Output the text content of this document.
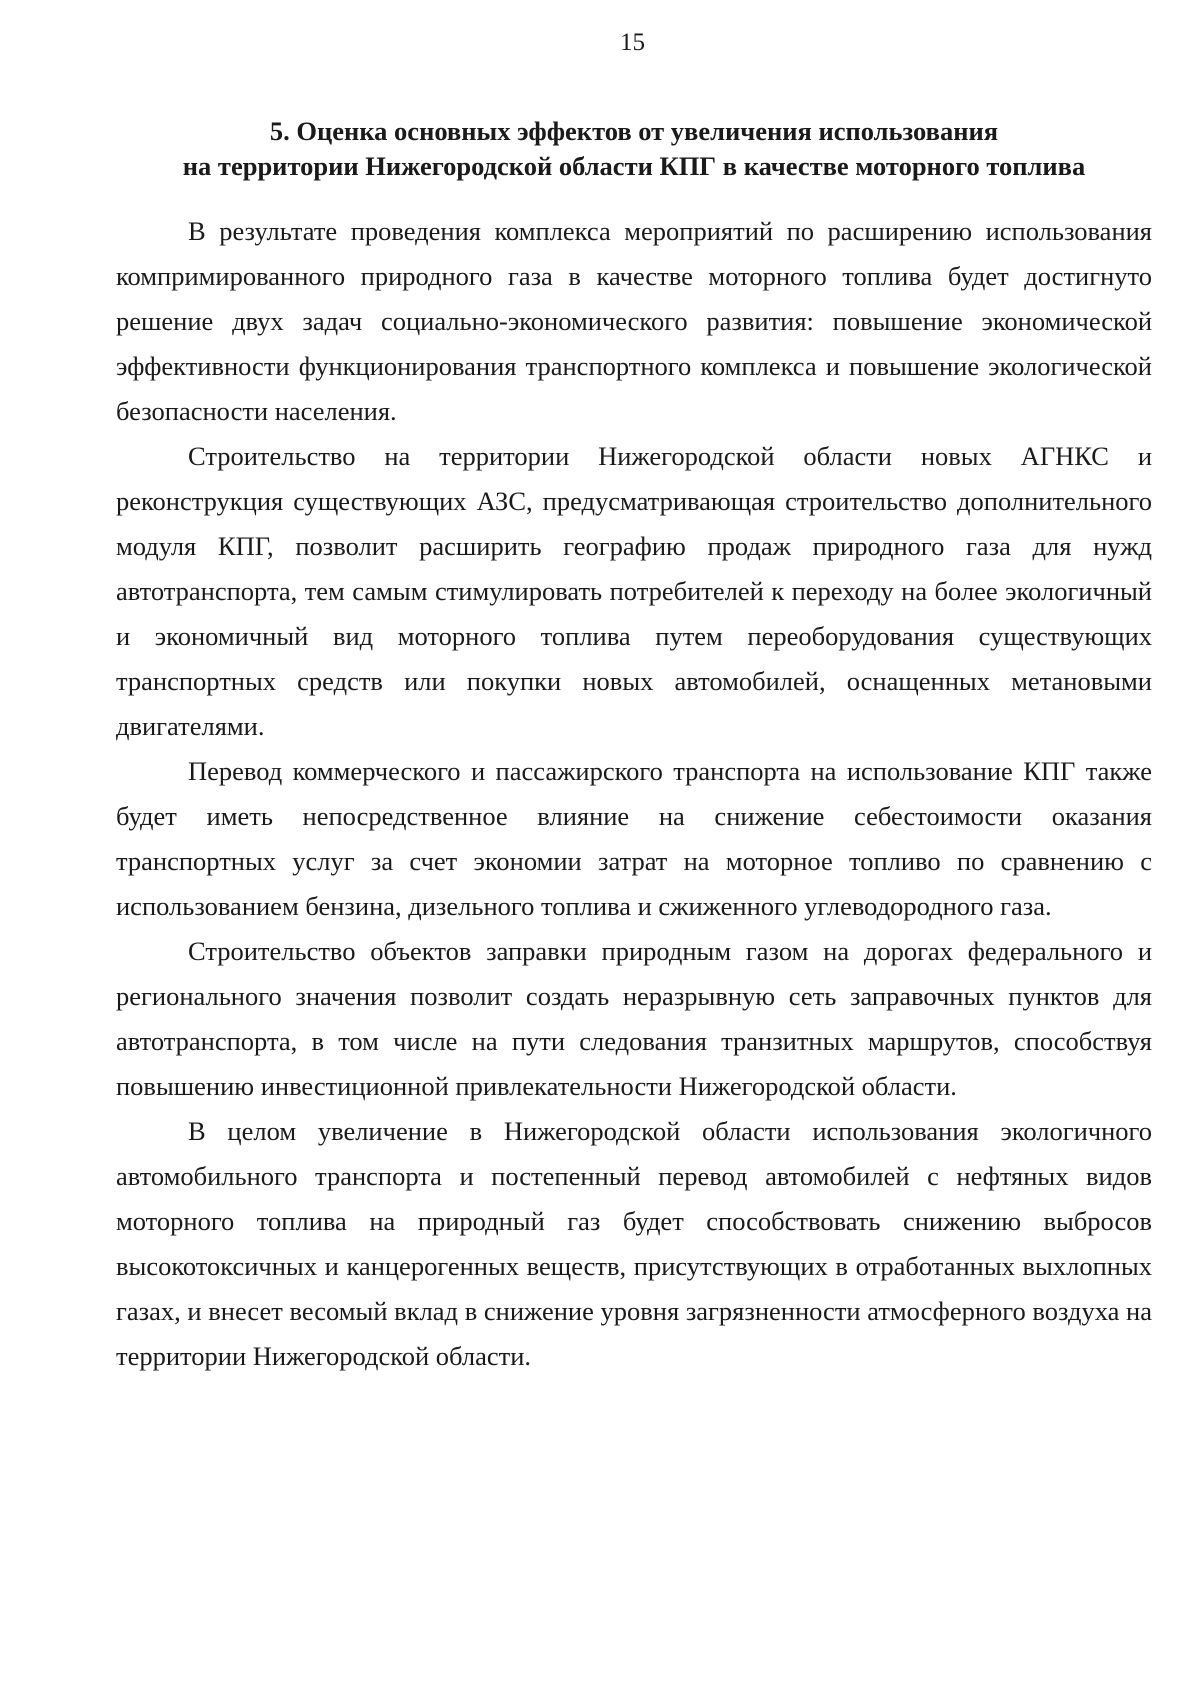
15
5. Оценка основных эффектов от увеличения использования
на территории Нижегородской области КПГ в качестве моторного топлива

В результате проведения комплекса мероприятий по расширению использования компримированного природного газа в качестве моторного топлива будет достигнуто решение двух задач социально-экономического развития: повышение экономической эффективности функционирования транспортного комплекса и повышение экологической безопасности населения.

Строительство на территории Нижегородской области новых АГНКС и реконструкция существующих АЗС, предусматривающая строительство дополнительного модуля КПГ, позволит расширить географию продаж природного газа для нужд автотранспорта, тем самым стимулировать потребителей к переходу на более экологичный и экономичный вид моторного топлива путем переоборудования существующих транспортных средств или покупки новых автомобилей, оснащенных метановыми двигателями.

Перевод коммерческого и пассажирского транспорта на использование КПГ также будет иметь непосредственное влияние на снижение себестоимости оказания транспортных услуг за счет экономии затрат на моторное топливо по сравнению с использованием бензина, дизельного топлива и сжиженного углеводородного газа.

Строительство объектов заправки природным газом на дорогах федерального и регионального значения позволит создать неразрывную сеть заправочных пунктов для автотранспорта, в том числе на пути следования транзитных маршрутов, способствуя повышению инвестиционной привлекательности Нижегородской области.

В целом увеличение в Нижегородской области использования экологичного автомобильного транспорта и постепенный перевод автомобилей с нефтяных видов моторного топлива на природный газ будет способствовать снижению выбросов высокотоксичных и канцерогенных веществ, присутствующих в отработанных выхлопных газах, и внесет весомый вклад в снижение уровня загрязненности атмосферного воздуха на территории Нижегородской области.
